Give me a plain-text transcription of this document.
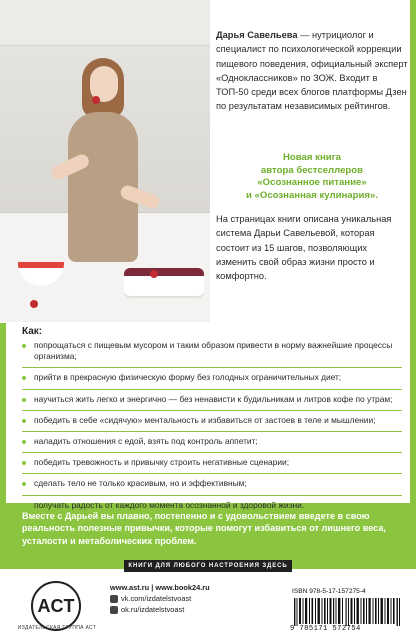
Дарья Савельева — нутрициолог и специалист по психологической коррекции пищевого поведения, официальный эксперт «Одноклассников» по ЗОЖ. Входит в ТОП-50 среди всех блогов платформы Дзен по результатам независимых рейтингов.

Новая книга
автора бестселлеров
«Осознанное питание»
и «Осознанная кулинария».

На страницах книги описана уникальная система Дарьи Савельевой, которая состоит из 15 шагов, позволяющих изменить свой образ жизни просто и комфортно.

Как:
попрощаться с пищевым мусором и таким образом привести в норму важнейшие процессы организма;
прийти в прекрасную физическую форму без голодных ограничительных диет;
научиться жить легко и энергично — без ненависти к будильникам и литров кофе по утрам;
победить в себе «сидячую» ментальность и избавиться от застоев в теле и мышлении;
наладить отношения с едой, взять под контроль аппетит;
победить тревожность и привычку строить негативные сценарии;
сделать тело не только красивым, но и эффективным;
получать радость от каждого момента осознанной и здоровой жизни.

Вместе с Дарьей вы плавно, постепенно и с удовольствием введете в свою реальность полезные привычки, которые помогут избавиться от лишнего веса, усталости и метаболических проблем.

КНИГИ ДЛЯ ЛЮБОГО НАСТРОЕНИЯ ЗДЕСЬ
ACT
ИЗДАТЕЛЬСКАЯ ГРУППА АСТ
www.ast.ru | www.book24.ru
vk.com/izdatelstvoast
ok.ru/izdatelstvoast
ISBN 978-5-17-157275-4
9 785171 572754
